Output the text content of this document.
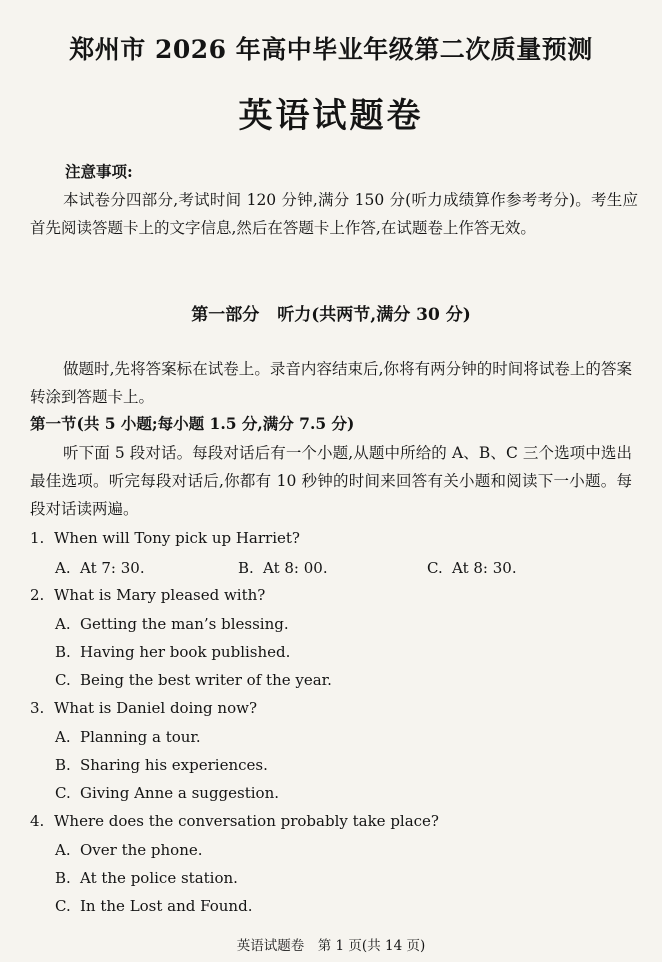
郑州市 2026 年高中毕业年级第二次质量预测
英语试题卷
注意事项:
本试卷分四部分,考试时间 120 分钟,满分 150 分(听力成绩算作参考考分)。考生应首先阅读答题卡上的文字信息,然后在答题卡上作答,在试题卷上作答无效。
第一部分 听力(共两节,满分 30 分)
做题时,先将答案标在试卷上。录音内容结束后,你将有两分钟的时间将试卷上的答案转涂到答题卡上。
第一节(共 5 小题;每小题 1.5 分,满分 7.5 分)
听下面 5 段对话。每段对话后有一个小题,从题中所给的 A、B、C 三个选项中选出最佳选项。听完每段对话后,你都有 10 秒钟的时间来回答有关小题和阅读下一小题。每段对话读两遍。
1. When will Tony pick up Harriet?
A. At 7: 30.	B. At 8: 00.	C. At 8: 30.
2. What is Mary pleased with?
A. Getting the man’s blessing.
B. Having her book published.
C. Being the best writer of the year.
3. What is Daniel doing now?
A. Planning a tour.
B. Sharing his experiences.
C. Giving Anne a suggestion.
4. Where does the conversation probably take place?
A. Over the phone.
B. At the police station.
C. In the Lost and Found.
英语试题卷　第 1 页(共 14 页)
